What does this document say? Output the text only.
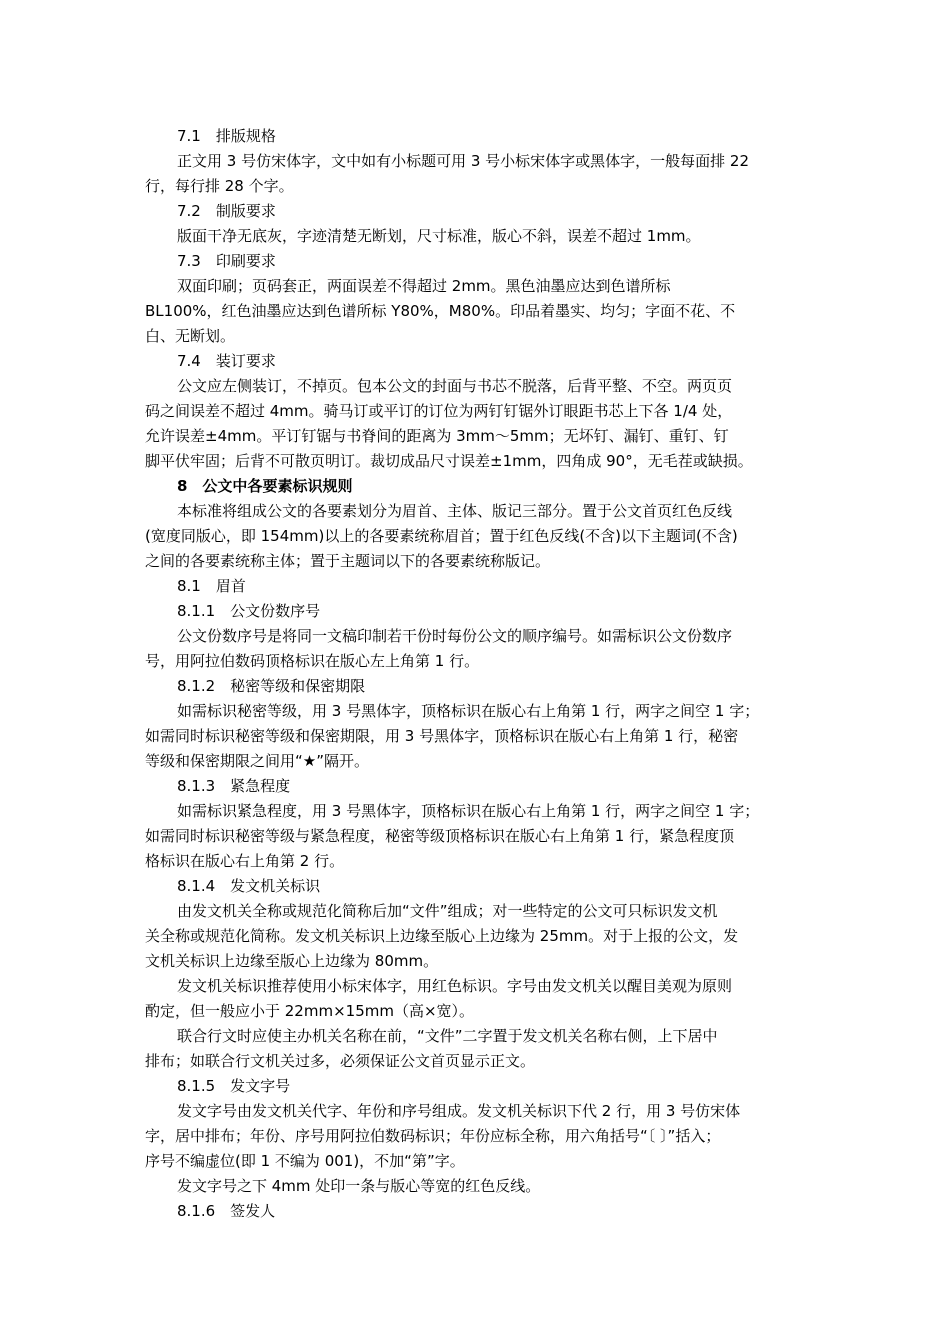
7.1　排版规格
正文用 3 号仿宋体字，文中如有小标题可用 3 号小标宋体字或黑体字，一般每面排 22
行，每行排 28 个字。
7.2　制版要求
版面干净无底灰，字迹清楚无断划，尺寸标准，版心不斜，误差不超过 1mm。
7.3　印刷要求
双面印刷；页码套正，两面误差不得超过 2mm。黑色油墨应达到色谱所标
BL100%，红色油墨应达到色谱所标 Y80%，M80%。印品着墨实、均匀；字面不花、不
白、无断划。
7.4　装订要求
公文应左侧装订，不掉页。包本公文的封面与书芯不脱落，后背平整、不空。两页页
码之间误差不超过 4mm。骑马订或平订的订位为两钉钉锯外订眼距书芯上下各 1/4 处，
允许误差±4mm。平订钉锯与书脊间的距离为 3mm～5mm；无坏钉、漏钉、重钉、钉
脚平伏牢固；后背不可散页明订。裁切成品尺寸误差±1mm，四角成 90°，无毛茬或缺损。
8　公文中各要素标识规则
本标准将组成公文的各要素划分为眉首、主体、版记三部分。置于公文首页红色反线
(宽度同版心，即 154mm)以上的各要素统称眉首；置于红色反线(不含)以下主题词(不含)
之间的各要素统称主体；置于主题词以下的各要素统称版记。
8.1　眉首
8.1.1　公文份数序号
公文份数序号是将同一文稿印制若干份时每份公文的顺序编号。如需标识公文份数序
号，用阿拉伯数码顶格标识在版心左上角第 1 行。
8.1.2　秘密等级和保密期限
如需标识秘密等级，用 3 号黑体字，顶格标识在版心右上角第 1 行，两字之间空 1 字；
如需同时标识秘密等级和保密期限，用 3 号黑体字，顶格标识在版心右上角第 1 行，秘密
等级和保密期限之间用“★”隔开。
8.1.3　紧急程度
如需标识紧急程度，用 3 号黑体字，顶格标识在版心右上角第 1 行，两字之间空 1 字；
如需同时标识秘密等级与紧急程度，秘密等级顶格标识在版心右上角第 1 行，紧急程度顶
格标识在版心右上角第 2 行。
8.1.4　发文机关标识
由发文机关全称或规范化简称后加“文件”组成；对一些特定的公文可只标识发文机
关全称或规范化简称。发文机关标识上边缘至版心上边缘为 25mm。对于上报的公文，发
文机关标识上边缘至版心上边缘为 80mm。
发文机关标识推荐使用小标宋体字，用红色标识。字号由发文机关以醒目美观为原则
酌定，但一般应小于 22mm×15mm（高×宽）。
联合行文时应使主办机关名称在前，“文件”二字置于发文机关名称右侧，上下居中
排布；如联合行文机关过多，必须保证公文首页显示正文。
8.1.5　发文字号
发文字号由发文机关代字、年份和序号组成。发文机关标识下代 2 行，用 3 号仿宋体
字，居中排布；年份、序号用阿拉伯数码标识；年份应标全称，用六角括号“〔 〕”括入；
序号不编虚位(即 1 不编为 001)，不加“第”字。
发文字号之下 4mm 处印一条与版心等宽的红色反线。
8.1.6　签发人
